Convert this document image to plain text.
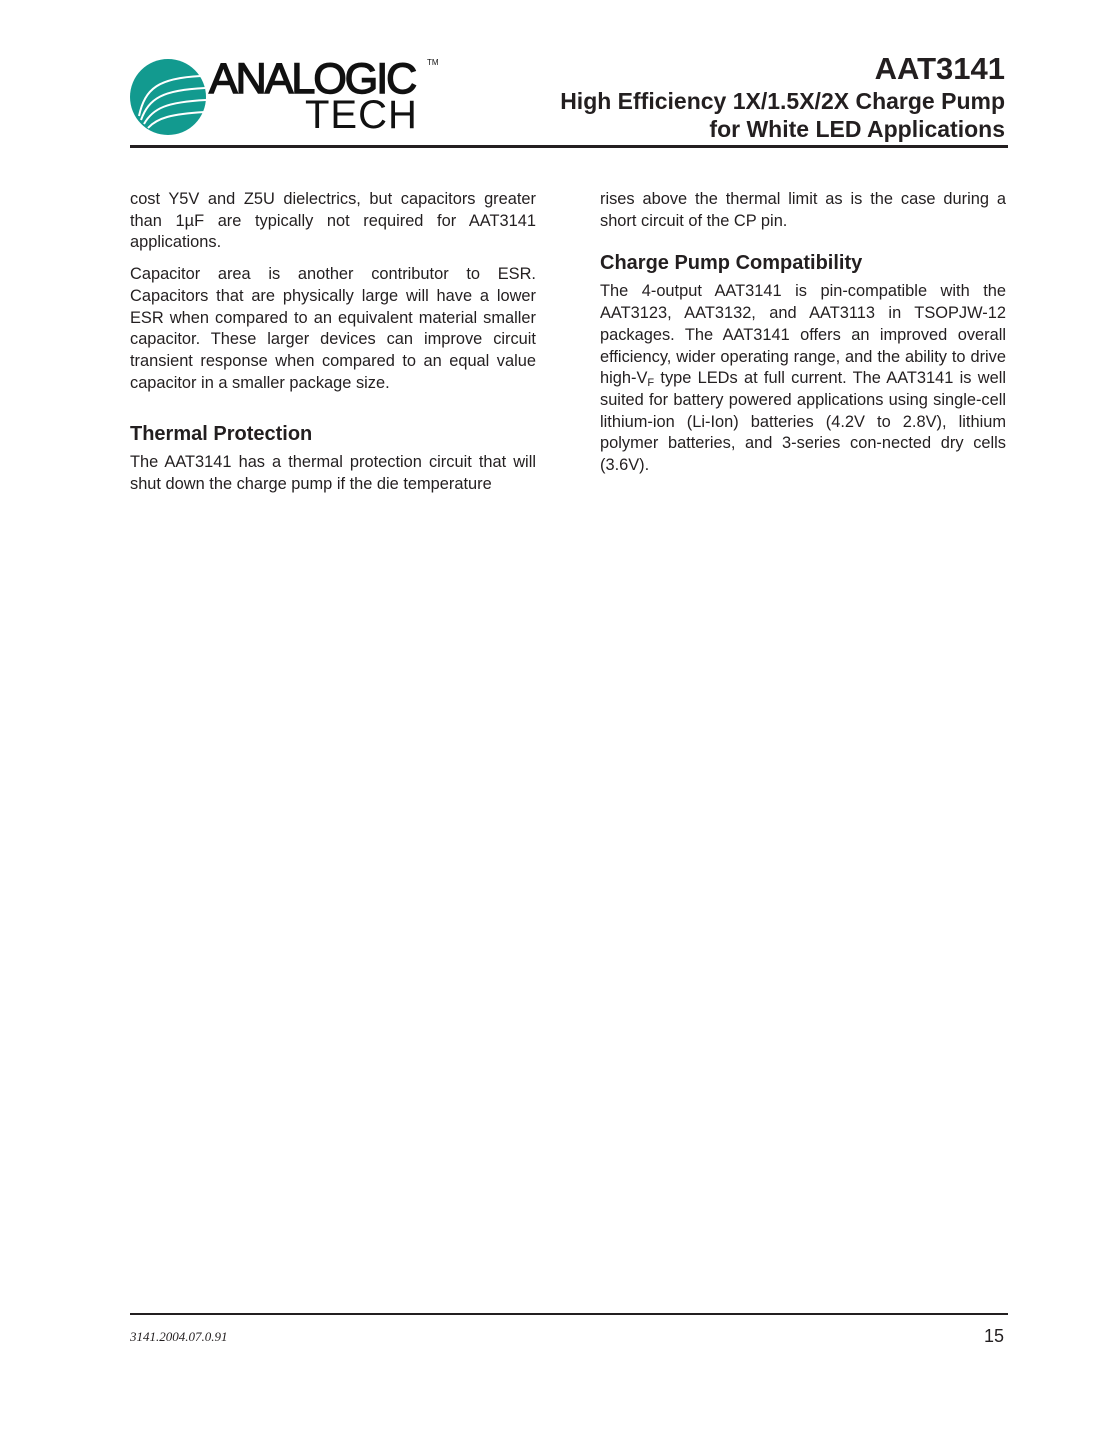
ANALOGIC TM
TECH
AAT3141
High Efficiency 1X/1.5X/2X Charge Pump
for White LED Applications

cost Y5V and Z5U dielectrics, but capacitors greater than 1µF are typically not required for AAT3141 applications.

Capacitor area is another contributor to ESR. Capacitors that are physically large will have a lower ESR when compared to an equivalent material smaller capacitor. These larger devices can improve circuit transient response when compared to an equal value capacitor in a smaller package size.

Thermal Protection

The AAT3141 has a thermal protection circuit that will shut down the charge pump if the die temperature

rises above the thermal limit as is the case during a short circuit of the CP pin.

Charge Pump Compatibility

The 4-output AAT3141 is pin-compatible with the AAT3123, AAT3132, and AAT3113 in TSOPJW-12 packages. The AAT3141 offers an improved overall efficiency, wider operating range, and the ability to drive high-$V_F$ type LEDs at full current. The AAT3141 is well suited for battery powered applications using single-cell lithium-ion (Li-Ion) batteries (4.2V to 2.8V), lithium polymer batteries, and 3-series con-nected dry cells (3.6V).

3141.2004.07.0.91	15
